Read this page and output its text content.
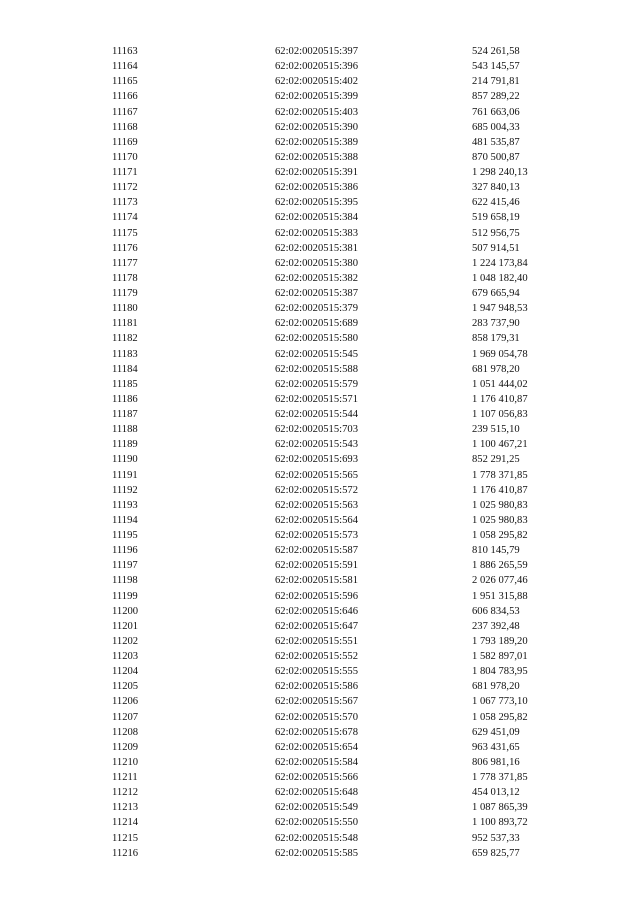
11163	62:02:0020515:397	524 261,58
11164	62:02:0020515:396	543 145,57
11165	62:02:0020515:402	214 791,81
11166	62:02:0020515:399	857 289,22
11167	62:02:0020515:403	761 663,06
11168	62:02:0020515:390	685 004,33
11169	62:02:0020515:389	481 535,87
11170	62:02:0020515:388	870 500,87
11171	62:02:0020515:391	1 298 240,13
11172	62:02:0020515:386	327 840,13
11173	62:02:0020515:395	622 415,46
11174	62:02:0020515:384	519 658,19
11175	62:02:0020515:383	512 956,75
11176	62:02:0020515:381	507 914,51
11177	62:02:0020515:380	1 224 173,84
11178	62:02:0020515:382	1 048 182,40
11179	62:02:0020515:387	679 665,94
11180	62:02:0020515:379	1 947 948,53
11181	62:02:0020515:689	283 737,90
11182	62:02:0020515:580	858 179,31
11183	62:02:0020515:545	1 969 054,78
11184	62:02:0020515:588	681 978,20
11185	62:02:0020515:579	1 051 444,02
11186	62:02:0020515:571	1 176 410,87
11187	62:02:0020515:544	1 107 056,83
11188	62:02:0020515:703	239 515,10
11189	62:02:0020515:543	1 100 467,21
11190	62:02:0020515:693	852 291,25
11191	62:02:0020515:565	1 778 371,85
11192	62:02:0020515:572	1 176 410,87
11193	62:02:0020515:563	1 025 980,83
11194	62:02:0020515:564	1 025 980,83
11195	62:02:0020515:573	1 058 295,82
11196	62:02:0020515:587	810 145,79
11197	62:02:0020515:591	1 886 265,59
11198	62:02:0020515:581	2 026 077,46
11199	62:02:0020515:596	1 951 315,88
11200	62:02:0020515:646	606 834,53
11201	62:02:0020515:647	237 392,48
11202	62:02:0020515:551	1 793 189,20
11203	62:02:0020515:552	1 582 897,01
11204	62:02:0020515:555	1 804 783,95
11205	62:02:0020515:586	681 978,20
11206	62:02:0020515:567	1 067 773,10
11207	62:02:0020515:570	1 058 295,82
11208	62:02:0020515:678	629 451,09
11209	62:02:0020515:654	963 431,65
11210	62:02:0020515:584	806 981,16
11211	62:02:0020515:566	1 778 371,85
11212	62:02:0020515:648	454 013,12
11213	62:02:0020515:549	1 087 865,39
11214	62:02:0020515:550	1 100 893,72
11215	62:02:0020515:548	952 537,33
11216	62:02:0020515:585	659 825,77
